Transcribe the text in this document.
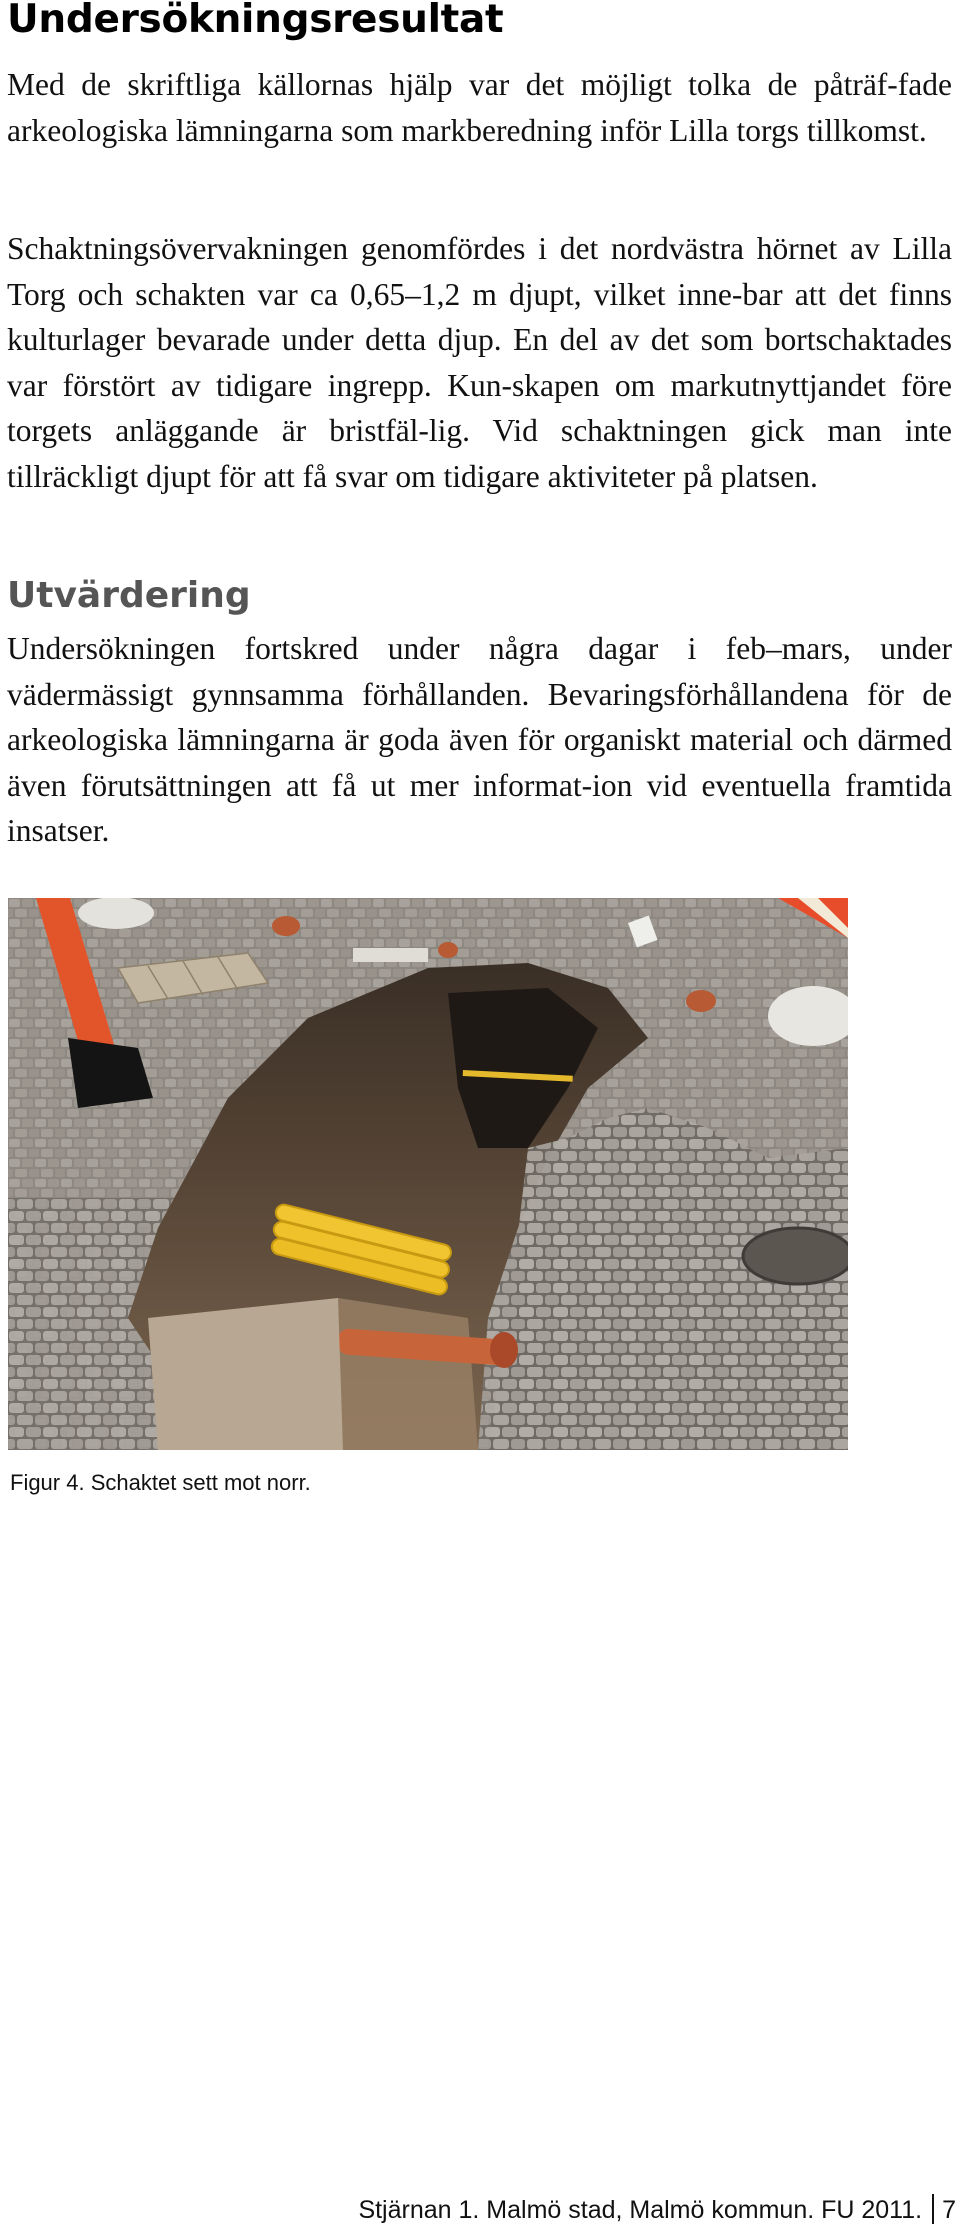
Undersökningsresultat

Med de skriftliga källornas hjälp var det möjligt tolka de påträf-fade arkeologiska lämningarna som markberedning inför Lilla torgs tillkomst.

Schaktningsövervakningen genomfördes i det nordvästra hörnet av Lilla Torg och schakten var ca 0,65–1,2 m djupt, vilket inne-bar att det finns kulturlager bevarade under detta djup. En del av det som bortschaktades var förstört av tidigare ingrepp. Kun-skapen om markutnyttjandet före torgets anläggande är bristfäl-lig. Vid schaktningen gick man inte tillräckligt djupt för att få svar om tidigare aktiviteter på platsen.

Utvärdering

Undersökningen fortskred under några dagar i feb–mars, under vädermässigt gynnsamma förhållanden. Bevaringsförhållandena för de arkeologiska lämningarna är goda även för organiskt material och därmed även förutsättningen att få ut mer informat-ion vid eventuella framtida insatser.

Figur 4. Schaktet sett mot norr.

Stjärnan 1. Malmö stad, Malmö kommun. FU 2011. 7
